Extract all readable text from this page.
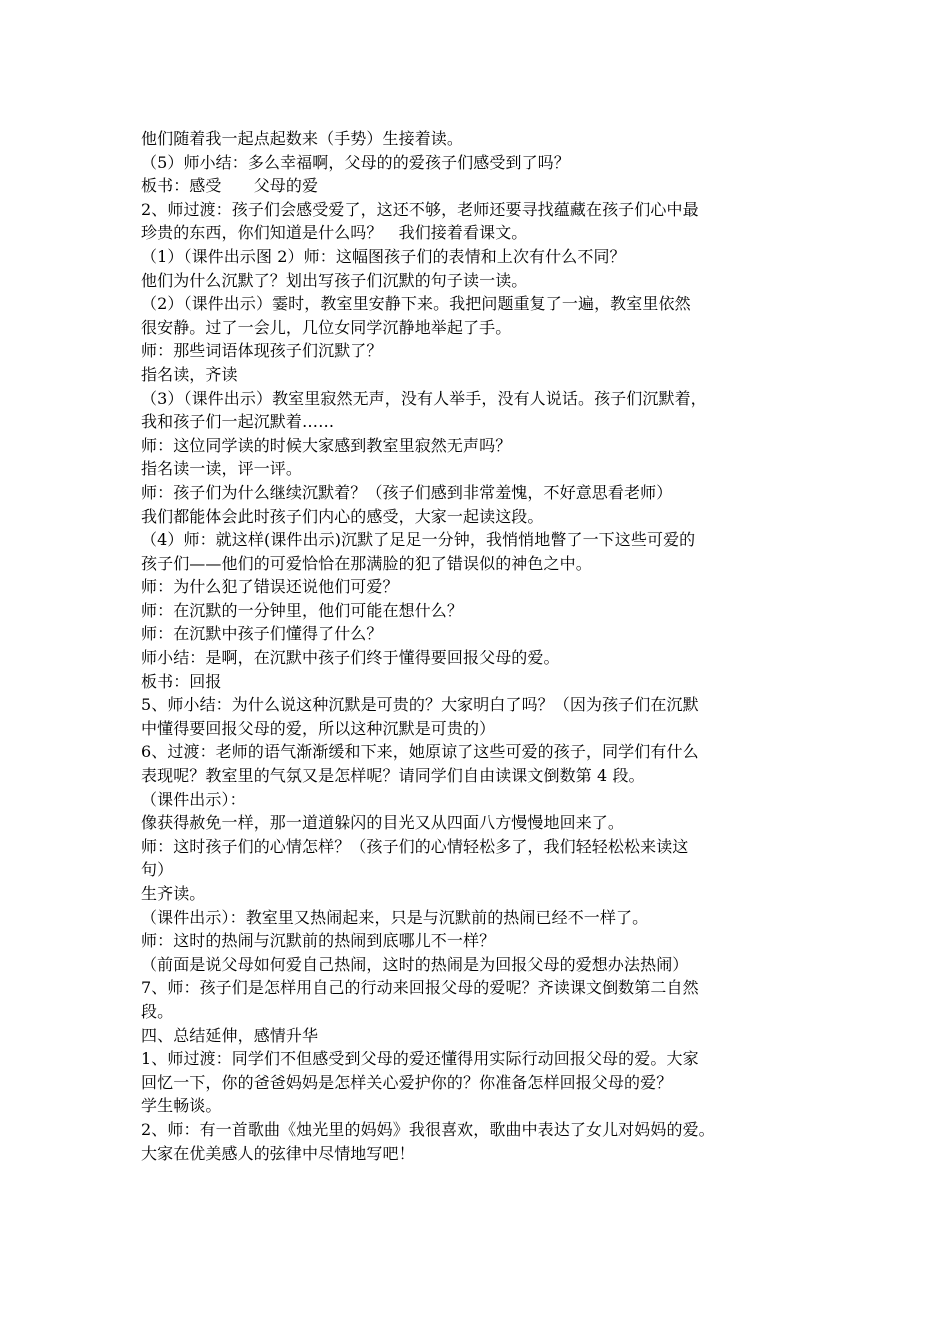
他们随着我一起点起数来（手势）生接着读。
（5）师小结：多么幸福啊，父母的的爱孩子们感受到了吗？
板书：感受　　父母的爱
2、师过渡：孩子们会感受爱了，这还不够，老师还要寻找蕴藏在孩子们心中最
珍贵的东西，你们知道是什么吗？　我们接着看课文。
（1）（课件出示图 2）师：这幅图孩子们的表情和上次有什么不同？
他们为什么沉默了？划出写孩子们沉默的句子读一读。
（2）（课件出示）霎时，教室里安静下来。我把问题重复了一遍，教室里依然
很安静。过了一会儿，几位女同学沉静地举起了手。
师：那些词语体现孩子们沉默了？
指名读，齐读
（3）（课件出示）教室里寂然无声，没有人举手，没有人说话。孩子们沉默着，
我和孩子们一起沉默着……
师：这位同学读的时候大家感到教室里寂然无声吗？
指名读一读，评一评。
师：孩子们为什么继续沉默着？（孩子们感到非常羞愧，不好意思看老师）
我们都能体会此时孩子们内心的感受，大家一起读这段。
（4）师：就这样(课件出示)沉默了足足一分钟，我悄悄地瞥了一下这些可爱的
孩子们——他们的可爱恰恰在那满脸的犯了错误似的神色之中。
师：为什么犯了错误还说他们可爱？
师：在沉默的一分钟里，他们可能在想什么？
师：在沉默中孩子们懂得了什么？
师小结：是啊，在沉默中孩子们终于懂得要回报父母的爱。
板书：回报
5、师小结：为什么说这种沉默是可贵的？大家明白了吗？（因为孩子们在沉默
中懂得要回报父母的爱，所以这种沉默是可贵的）
6、过渡：老师的语气渐渐缓和下来，她原谅了这些可爱的孩子，同学们有什么
表现呢？教室里的气氛又是怎样呢？请同学们自由读课文倒数第 4 段。
（课件出示）：
像获得赦免一样，那一道道躲闪的目光又从四面八方慢慢地回来了。
师：这时孩子们的心情怎样？（孩子们的心情轻松多了，我们轻轻松松来读这
句）
生齐读。
（课件出示）：教室里又热闹起来，只是与沉默前的热闹已经不一样了。
师：这时的热闹与沉默前的热闹到底哪儿不一样？
（前面是说父母如何爱自己热闹，这时的热闹是为回报父母的爱想办法热闹）
7、师：孩子们是怎样用自己的行动来回报父母的爱呢？齐读课文倒数第二自然
段。
四、总结延伸，感情升华
1、师过渡：同学们不但感受到父母的爱还懂得用实际行动回报父母的爱。大家
回忆一下，你的爸爸妈妈是怎样关心爱护你的？你准备怎样回报父母的爱？
学生畅谈。
2、师：有一首歌曲《烛光里的妈妈》我很喜欢，歌曲中表达了女儿对妈妈的爱。
大家在优美感人的弦律中尽情地写吧！
